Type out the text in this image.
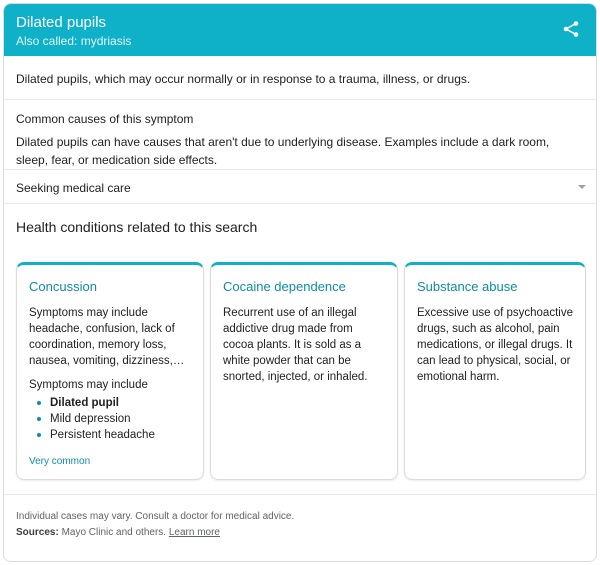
Dilated pupils
Also called: mydriasis
Dilated pupils, which may occur normally or in response to a trauma, illness, or drugs.
Common causes of this symptom
Dilated pupils can have causes that aren't due to underlying disease. Examples include a dark room, sleep, fear, or medication side effects.
Seeking medical care
Health conditions related to this search
Concussion
Symptoms may include headache, confusion, lack of coordination, memory loss, nausea, vomiting, dizziness,…
Symptoms may include
Dilated pupil
Mild depression
Persistent headache
Very common
Cocaine dependence
Recurrent use of an illegal addictive drug made from cocoa plants. It is sold as a white powder that can be snorted, injected, or inhaled.
Substance abuse
Excessive use of psychoactive drugs, such as alcohol, pain medications, or illegal drugs. It can lead to physical, social, or emotional harm.
Individual cases may vary. Consult a doctor for medical advice.
Sources: Mayo Clinic and others. Learn more
